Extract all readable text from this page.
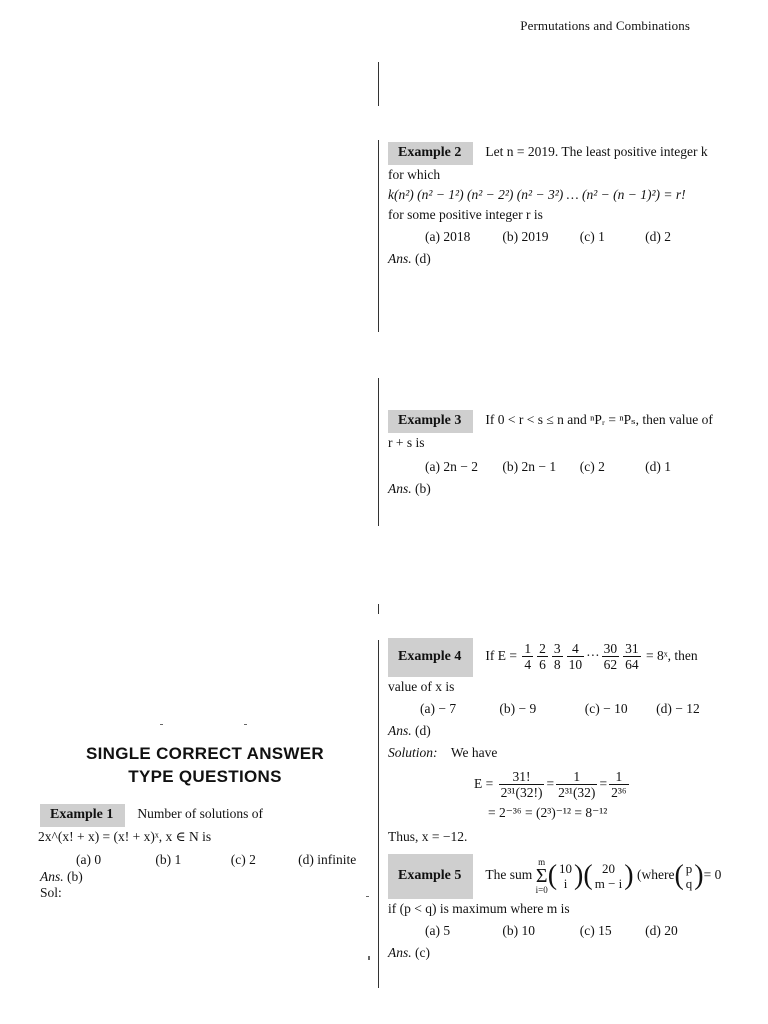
Permutations and Combinations
Example 2 Let n = 2019. The least positive integer k
for which
k(n²) (n² − 1²) (n² − 2²) (n² − 3²) … (n² − (n − 1)²) = r!
for some positive integer r is
(a) 2018 (b) 2019 (c) 1	(d) 2
Ans. (d)
Example 3 If 0 < r < s ≤ n and ⁿPᵣ = ⁿPₛ, then value of
r + s is
(a) 2n − 2 (b) 2n − 1 (c) 2	(d) 1
Ans. (b)
Example 4 If $E = \frac{1}{4} \frac{2}{6} \frac{3}{8} \frac{4}{10}$ ··· $\frac{30}{62} \frac{31}{64}$ = 8ˣ, then
value of x is
(a) − 7	(b) − 9	(c) − 10 (d) − 12
Ans. (d)
Solution: We have
$E = \frac{31!}{\text{2³¹(32!)}} = \frac{1}{\text{2³¹(32)}} = \frac{1}{\text{2³⁶}}$
= 2⁻³⁶ = (2³)⁻¹² = 8⁻¹²
Thus, x = −12.
Example 5 The sum
m
Σ
i=0 ( 10
i )( 20
m − i ) (where( p
q )= 0
if (p < q) is maximum where m is
(a) 5	(b) 10	(c) 15 (d) 20
Ans. (c)
SINGLE CORRECT ANSWER
TYPE QUESTIONS
Example 1 Number of solutions of
2x^(x! + x) = (x! + x)ˣ, x ∈ N is
(a) 0	(b) 1	(c) 2	(d) infinite
Ans. (b)
Sol:
